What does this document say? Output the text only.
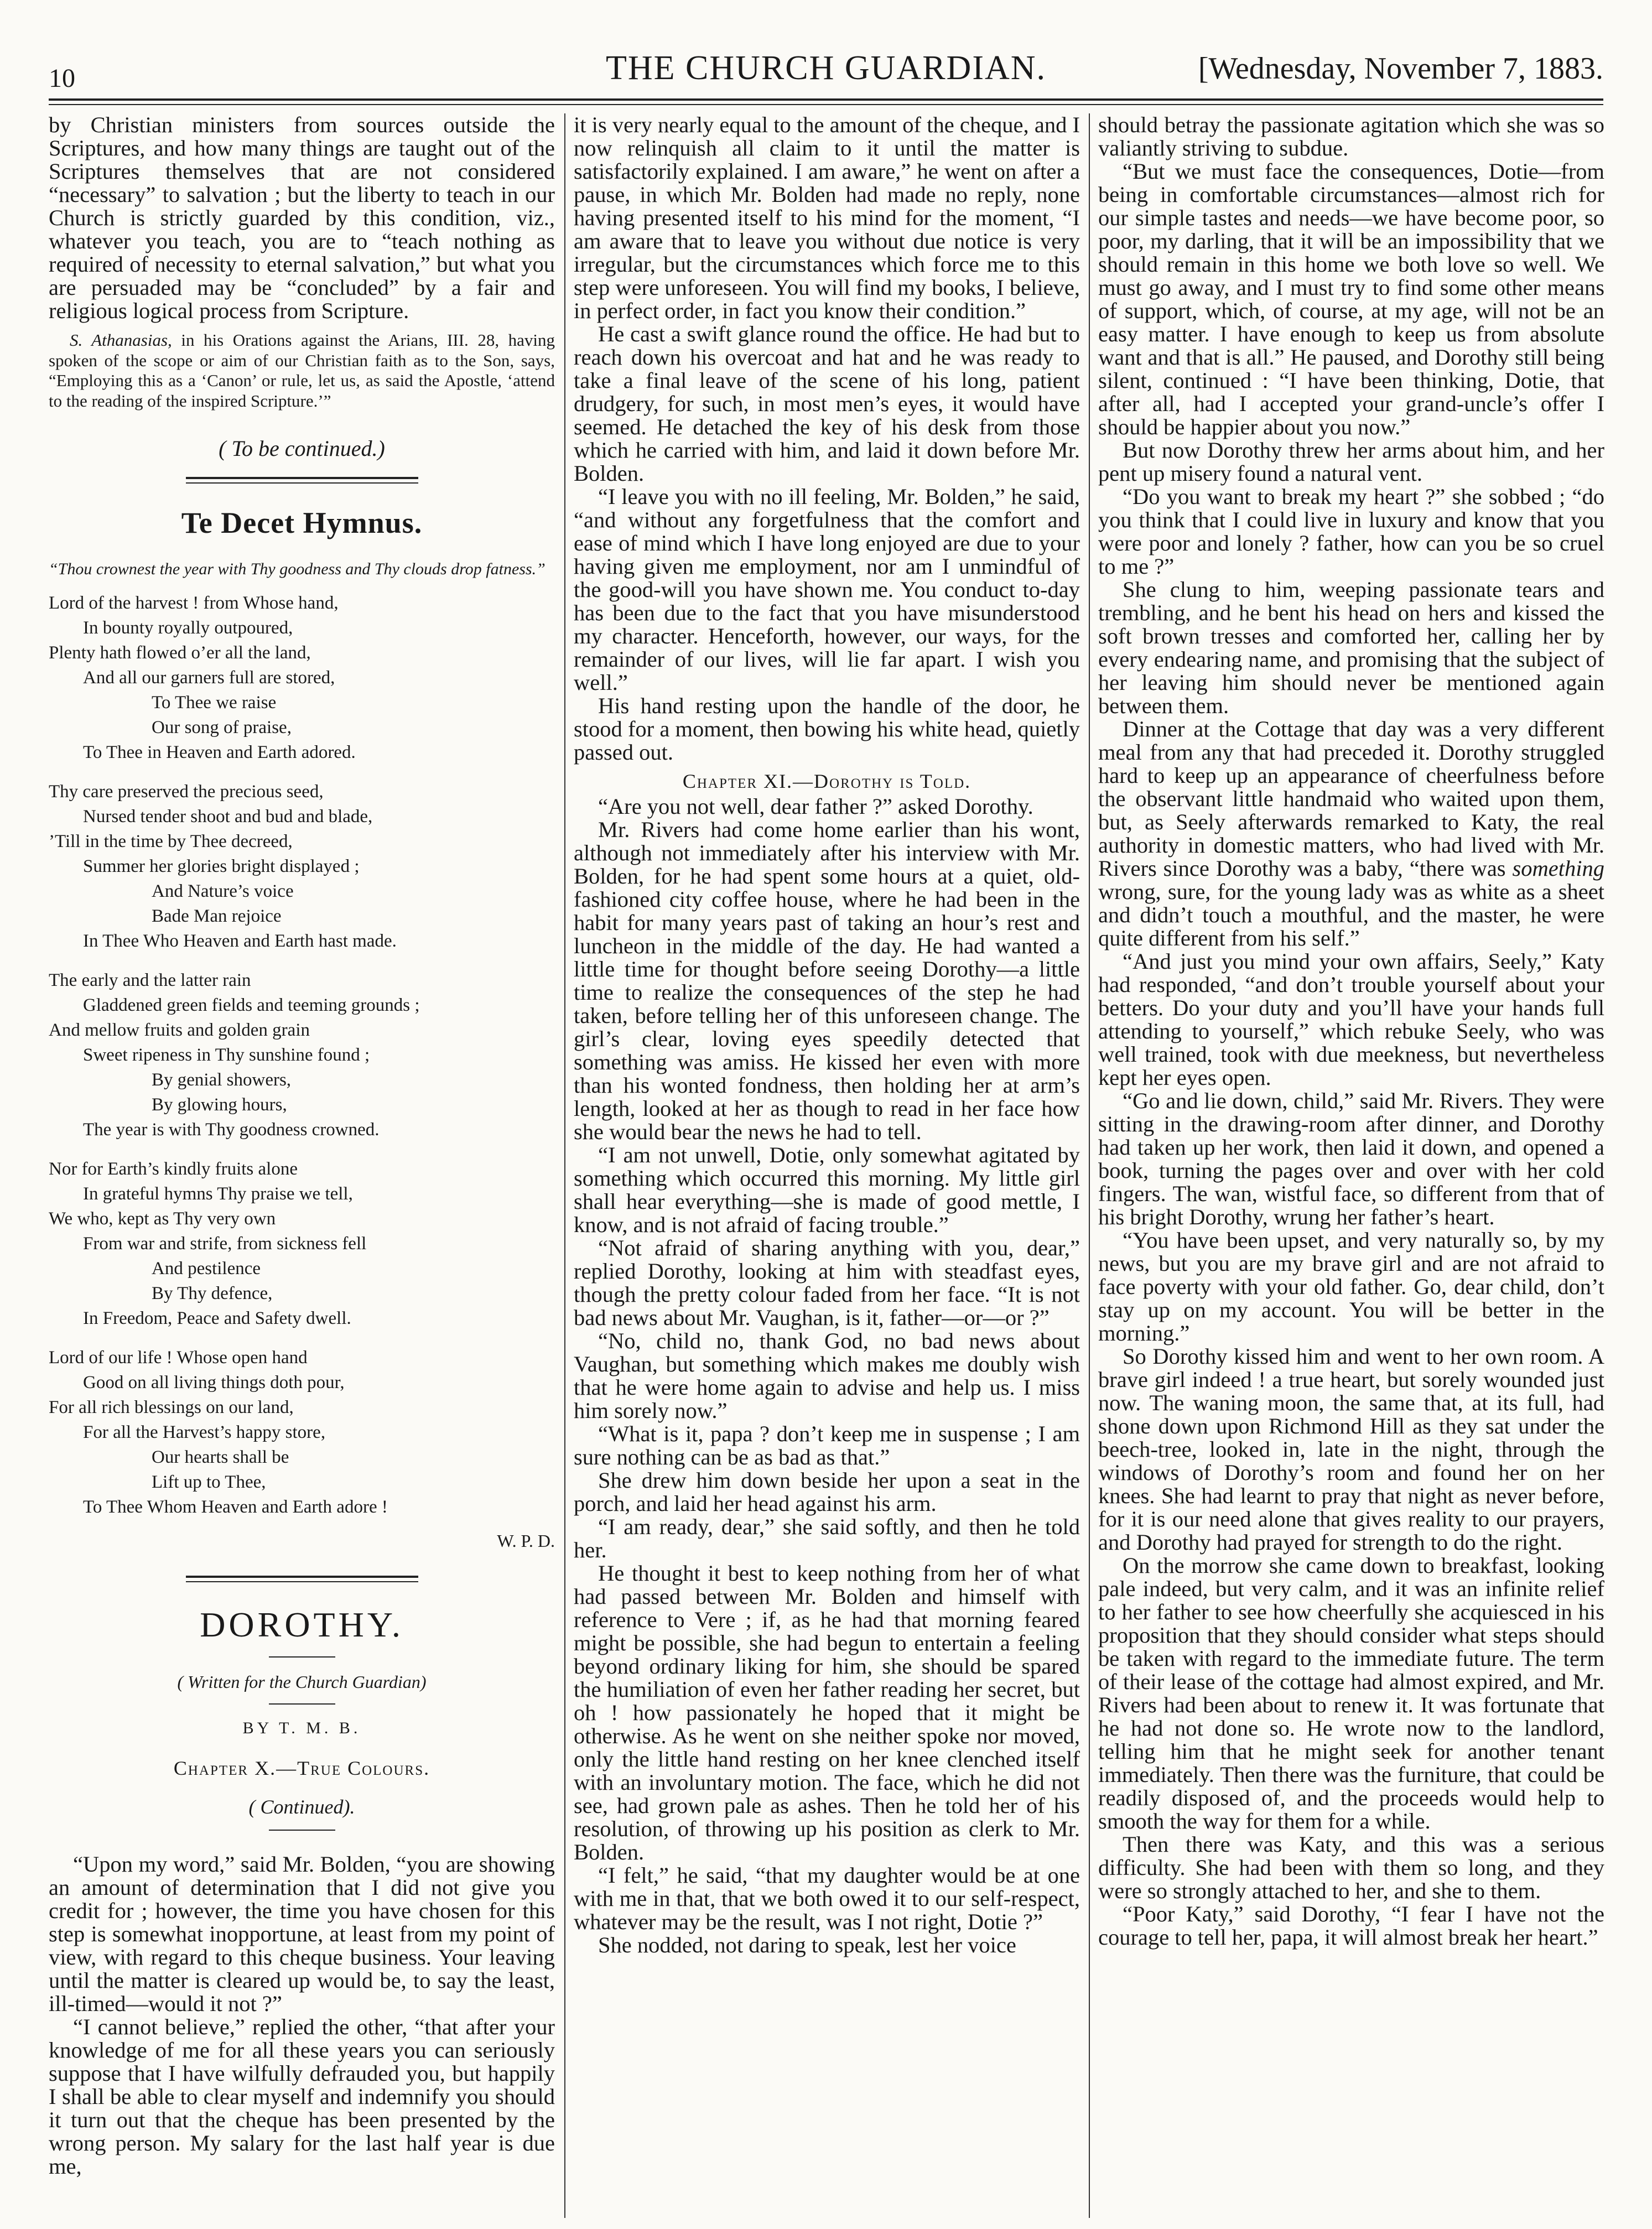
10	THE CHURCH GUARDIAN.	[Wednesday, November 7, 1883.

by Christian ministers from sources outside the Scriptures, and how many things are taught out of the Scriptures themselves that are not considered “necessary” to salvation ; but the liberty to teach in our Church is strictly guarded by this condition, viz., whatever you teach, you are to “teach nothing as required of necessity to eternal salvation,” but what you are persuaded may be “concluded” by a fair and religious logical process from Scripture.

S. Athanasias, in his Orations against the Arians, III. 28, having spoken of the scope or aim of our Christian faith as to the Son, says, “Employing this as a ‘Canon’ or rule, let us, as said the Apostle, ‘attend to the reading of the inspired Scripture.’”

( To be continued.)
Te Decet Hymnus.
“Thou crownest the year with Thy goodness and Thy clouds drop fatness.”
Lord of the harvest ! from Whose hand,
In bounty royally outpoured,
Plenty hath flowed o’er all the land,
And all our garners full are stored,
To Thee we raise
Our song of praise,
To Thee in Heaven and Earth adored.
Thy care preserved the precious seed,
Nursed tender shoot and bud and blade,
’Till in the time by Thee decreed,
Summer her glories bright displayed ;
And Nature’s voice
Bade Man rejoice
In Thee Who Heaven and Earth hast made.
The early and the latter rain
Gladdened green fields and teeming grounds ;
And mellow fruits and golden grain
Sweet ripeness in Thy sunshine found ;
By genial showers,
By glowing hours,
The year is with Thy goodness crowned.
Nor for Earth’s kindly fruits alone
In grateful hymns Thy praise we tell,
We who, kept as Thy very own
From war and strife, from sickness fell
And pestilence
By Thy defence,
In Freedom, Peace and Safety dwell.
Lord of our life ! Whose open hand
Good on all living things doth pour,
For all rich blessings on our land,
For all the Harvest’s happy store,
Our hearts shall be
Lift up to Thee,
To Thee Whom Heaven and Earth adore !
W. P. D.
DOROTHY.
( Written for the Church Guardian)
BY T. M. B.
Chapter X.—True Colours.
( Continued).

“Upon my word,” said Mr. Bolden, “you are showing an amount of determination that I did not give you credit for ; however, the time you have chosen for this step is somewhat inopportune, at least from my point of view, with regard to this cheque business. Your leaving until the matter is cleared up would be, to say the least, ill-timed—would it not ?”

“I cannot believe,” replied the other, “that after your knowledge of me for all these years you can seriously suppose that I have wilfully defrauded you, but happily I shall be able to clear myself and indemnify you should it turn out that the cheque has been presented by the wrong person. My salary for the last half year is due me,

it is very nearly equal to the amount of the cheque, and I now relinquish all claim to it until the matter is satisfactorily explained. I am aware,” he went on after a pause, in which Mr. Bolden had made no reply, none having presented itself to his mind for the moment, “I am aware that to leave you without due notice is very irregular, but the circumstances which force me to this step were unforeseen. You will find my books, I believe, in perfect order, in fact you know their condition.”

He cast a swift glance round the office. He had but to reach down his overcoat and hat and he was ready to take a final leave of the scene of his long, patient drudgery, for such, in most men’s eyes, it would have seemed. He detached the key of his desk from those which he carried with him, and laid it down before Mr. Bolden.

“I leave you with no ill feeling, Mr. Bolden,” he said, “and without any forgetfulness that the comfort and ease of mind which I have long enjoyed are due to your having given me employment, nor am I unmindful of the good-will you have shown me. You conduct to-day has been due to the fact that you have misunderstood my character. Henceforth, however, our ways, for the remainder of our lives, will lie far apart. I wish you well.”

His hand resting upon the handle of the door, he stood for a moment, then bowing his white head, quietly passed out.

Chapter XI.—Dorothy is Told.

“Are you not well, dear father ?” asked Dorothy.

Mr. Rivers had come home earlier than his wont, although not immediately after his interview with Mr. Bolden, for he had spent some hours at a quiet, old-fashioned city coffee house, where he had been in the habit for many years past of taking an hour’s rest and luncheon in the middle of the day. He had wanted a little time for thought before seeing Dorothy—a little time to realize the consequences of the step he had taken, before telling her of this unforeseen change. The girl’s clear, loving eyes speedily detected that something was amiss. He kissed her even with more than his wonted fondness, then holding her at arm’s length, looked at her as though to read in her face how she would bear the news he had to tell.

“I am not unwell, Dotie, only somewhat agitated by something which occurred this morning. My little girl shall hear everything—she is made of good mettle, I know, and is not afraid of facing trouble.”

“Not afraid of sharing anything with you, dear,” replied Dorothy, looking at him with steadfast eyes, though the pretty colour faded from her face. “It is not bad news about Mr. Vaughan, is it, father—or—or ?”

“No, child no, thank God, no bad news about Vaughan, but something which makes me doubly wish that he were home again to advise and help us. I miss him sorely now.”

“What is it, papa ? don’t keep me in suspense ; I am sure nothing can be as bad as that.”

She drew him down beside her upon a seat in the porch, and laid her head against his arm.

“I am ready, dear,” she said softly, and then he told her.

He thought it best to keep nothing from her of what had passed between Mr. Bolden and himself with reference to Vere ; if, as he had that morning feared might be possible, she had begun to entertain a feeling beyond ordinary liking for him, she should be spared the humiliation of even her father reading her secret, but oh ! how passionately he hoped that it might be otherwise. As he went on she neither spoke nor moved, only the little hand resting on her knee clenched itself with an involuntary motion. The face, which he did not see, had grown pale as ashes. Then he told her of his resolution, of throwing up his position as clerk to Mr. Bolden.

“I felt,” he said, “that my daughter would be at one with me in that, that we both owed it to our self-respect, whatever may be the result, was I not right, Dotie ?”

She nodded, not daring to speak, lest her voice

should betray the passionate agitation which she was so valiantly striving to subdue.

“But we must face the consequences, Dotie—from being in comfortable circumstances—almost rich for our simple tastes and needs—we have become poor, so poor, my darling, that it will be an impossibility that we should remain in this home we both love so well. We must go away, and I must try to find some other means of support, which, of course, at my age, will not be an easy matter. I have enough to keep us from absolute want and that is all.” He paused, and Dorothy still being silent, continued : “I have been thinking, Dotie, that after all, had I accepted your grand-uncle’s offer I should be happier about you now.”

But now Dorothy threw her arms about him, and her pent up misery found a natural vent.

“Do you want to break my heart ?” she sobbed ; “do you think that I could live in luxury and know that you were poor and lonely ? father, how can you be so cruel to me ?”

She clung to him, weeping passionate tears and trembling, and he bent his head on hers and kissed the soft brown tresses and comforted her, calling her by every endearing name, and promising that the subject of her leaving him should never be mentioned again between them.

Dinner at the Cottage that day was a very different meal from any that had preceded it. Dorothy struggled hard to keep up an appearance of cheerfulness before the observant little handmaid who waited upon them, but, as Seely afterwards remarked to Katy, the real authority in domestic matters, who had lived with Mr. Rivers since Dorothy was a baby, “there was something wrong, sure, for the young lady was as white as a sheet and didn’t touch a mouthful, and the master, he were quite different from his self.”

“And just you mind your own affairs, Seely,” Katy had responded, “and don’t trouble yourself about your betters. Do your duty and you’ll have your hands full attending to yourself,” which rebuke Seely, who was well trained, took with due meekness, but nevertheless kept her eyes open.

“Go and lie down, child,” said Mr. Rivers. They were sitting in the drawing-room after dinner, and Dorothy had taken up her work, then laid it down, and opened a book, turning the pages over and over with her cold fingers. The wan, wistful face, so different from that of his bright Dorothy, wrung her father’s heart.

“You have been upset, and very naturally so, by my news, but you are my brave girl and are not afraid to face poverty with your old father. Go, dear child, don’t stay up on my account. You will be better in the morning.”

So Dorothy kissed him and went to her own room. A brave girl indeed ! a true heart, but sorely wounded just now. The waning moon, the same that, at its full, had shone down upon Richmond Hill as they sat under the beech-tree, looked in, late in the night, through the windows of Dorothy’s room and found her on her knees. She had learnt to pray that night as never before, for it is our need alone that gives reality to our prayers, and Dorothy had prayed for strength to do the right.

On the morrow she came down to breakfast, looking pale indeed, but very calm, and it was an infinite relief to her father to see how cheerfully she acquiesced in his proposition that they should consider what steps should be taken with regard to the immediate future. The term of their lease of the cottage had almost expired, and Mr. Rivers had been about to renew it. It was fortunate that he had not done so. He wrote now to the landlord, telling him that he might seek for another tenant immediately. Then there was the furniture, that could be readily disposed of, and the proceeds would help to smooth the way for them for a while.

Then there was Katy, and this was a serious difficulty. She had been with them so long, and they were so strongly attached to her, and she to them.

“Poor Katy,” said Dorothy, “I fear I have not the courage to tell her, papa, it will almost break her heart.”
